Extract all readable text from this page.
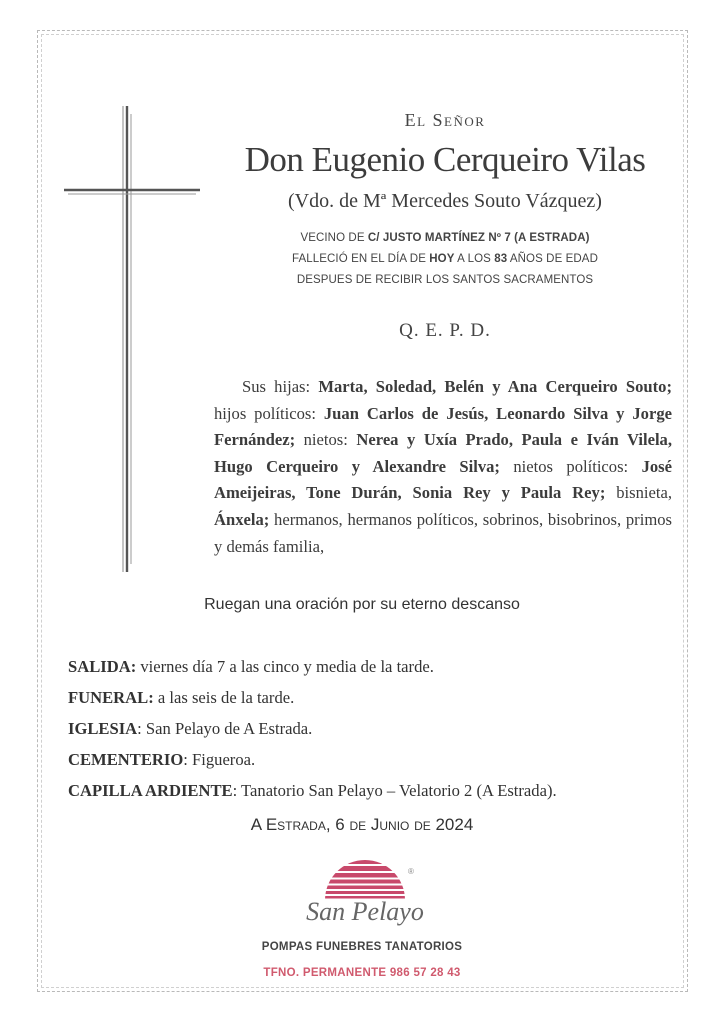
El Señor
Don Eugenio Cerqueiro Vilas
(Vdo. de Mª Mercedes Souto Vázquez)
VECINO DE C/ JUSTO MARTÍNEZ Nº 7 (A ESTRADA)
FALLECIÓ EN EL DÍA DE HOY A LOS 83 AÑOS DE EDAD
DESPUES DE RECIBIR LOS SANTOS SACRAMENTOS
Q. E. P. D.
Sus hijas: Marta, Soledad, Belén y Ana Cerqueiro Souto; hijos políticos: Juan Carlos de Jesús, Leonardo Silva y Jorge Fernández; nietos: Nerea y Uxía Prado, Paula e Iván Vilela, Hugo Cerqueiro y Alexandre Silva; nietos políticos: José Ameijeiras, Tone Durán, Sonia Rey y Paula Rey; bisnieta, Ánxela; hermanos, hermanos políticos, sobrinos, bisobrinos, primos y demás familia,
Ruegan una oración por su eterno descanso
SALIDA: viernes día 7 a las cinco y media de la tarde.
FUNERAL: a las seis de la tarde.
IGLESIA: San Pelayo de A Estrada.
CEMENTERIO: Figueroa.
CAPILLA ARDIENTE: Tanatorio San Pelayo – Velatorio 2 (A Estrada).
A Estrada, 6 de Junio de 2024
®
San Pelayo
POMPAS FUNEBRES TANATORIOS
TFNO. PERMANENTE 986 57 28 43
